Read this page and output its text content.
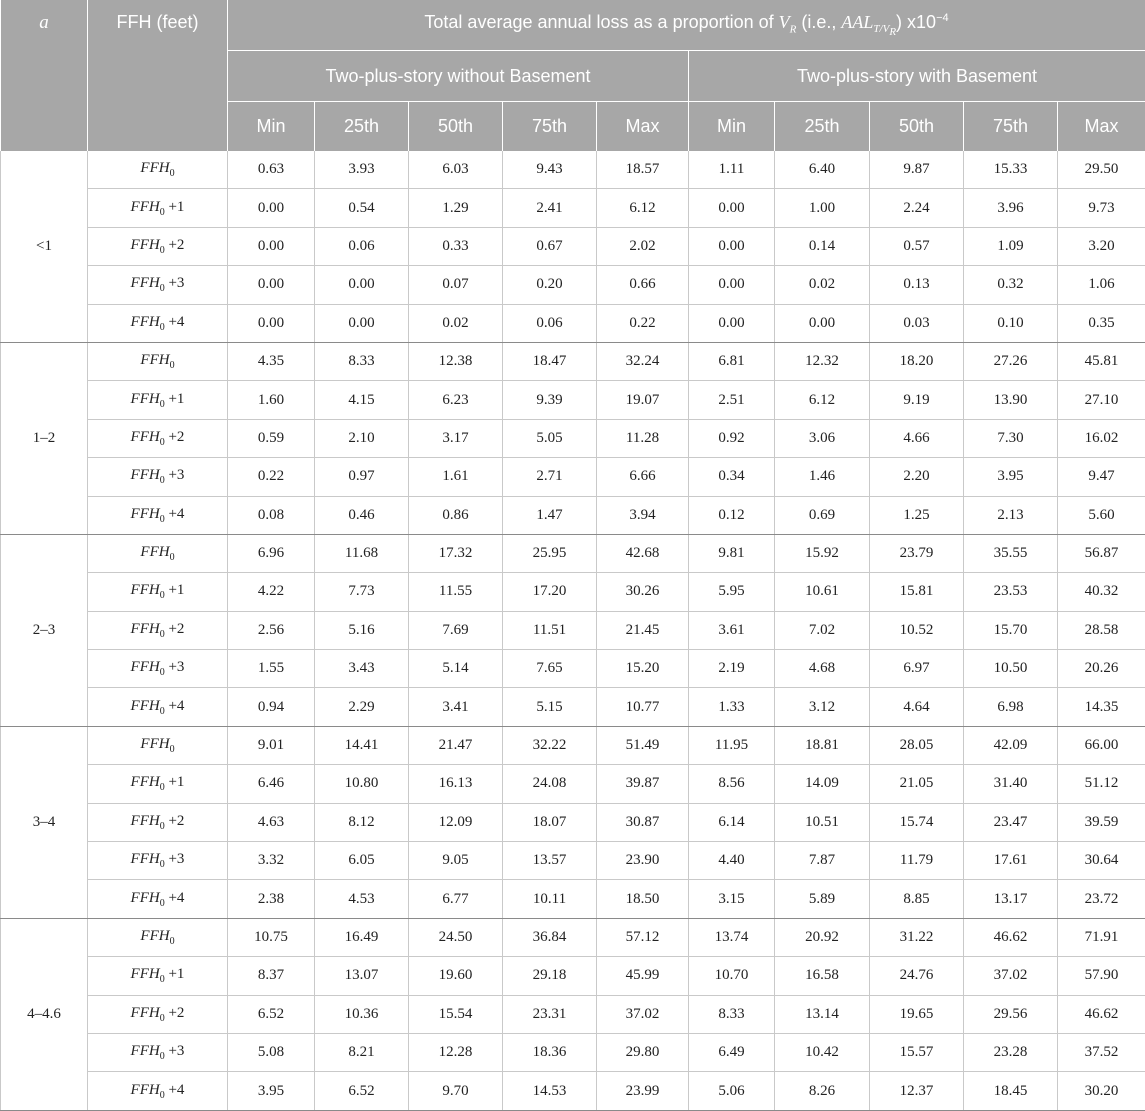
a	FFH (feet)	Total average annual loss as a proportion of $V_R$ (i.e., $AAL_{T/V_R}$) $x10^{-4}$
		Two-plus-story without Basement					Two-plus-story with Basement				
		Min	25th	50th	75th	Max	Min	25th	50th	75th	Max
<1	$FFH_0$	0.63	3.93	6.03	9.43	18.57	1.11	6.40	9.87	15.33	29.50
	$FFH_0 +1$	0.00	0.54	1.29	2.41	6.12	0.00	1.00	2.24	3.96	9.73
	$FFH_0 +2$	0.00	0.06	0.33	0.67	2.02	0.00	0.14	0.57	1.09	3.20
	$FFH_0 +3$	0.00	0.00	0.07	0.20	0.66	0.00	0.02	0.13	0.32	1.06
	$FFH_0 +4$	0.00	0.00	0.02	0.06	0.22	0.00	0.00	0.03	0.10	0.35
1–2	$FFH_0$	4.35	8.33	12.38	18.47	32.24	6.81	12.32	18.20	27.26	45.81
	$FFH_0 +1$	1.60	4.15	6.23	9.39	19.07	2.51	6.12	9.19	13.90	27.10
	$FFH_0 +2$	0.59	2.10	3.17	5.05	11.28	0.92	3.06	4.66	7.30	16.02
	$FFH_0 +3$	0.22	0.97	1.61	2.71	6.66	0.34	1.46	2.20	3.95	9.47
	$FFH_0 +4$	0.08	0.46	0.86	1.47	3.94	0.12	0.69	1.25	2.13	5.60
2–3	$FFH_0$	6.96	11.68	17.32	25.95	42.68	9.81	15.92	23.79	35.55	56.87
	$FFH_0 +1$	4.22	7.73	11.55	17.20	30.26	5.95	10.61	15.81	23.53	40.32
	$FFH_0 +2$	2.56	5.16	7.69	11.51	21.45	3.61	7.02	10.52	15.70	28.58
	$FFH_0 +3$	1.55	3.43	5.14	7.65	15.20	2.19	4.68	6.97	10.50	20.26
	$FFH_0 +4$	0.94	2.29	3.41	5.15	10.77	1.33	3.12	4.64	6.98	14.35
3–4	$FFH_0$	9.01	14.41	21.47	32.22	51.49	11.95	18.81	28.05	42.09	66.00
	$FFH_0 +1$	6.46	10.80	16.13	24.08	39.87	8.56	14.09	21.05	31.40	51.12
	$FFH_0 +2$	4.63	8.12	12.09	18.07	30.87	6.14	10.51	15.74	23.47	39.59
	$FFH_0 +3$	3.32	6.05	9.05	13.57	23.90	4.40	7.87	11.79	17.61	30.64
	$FFH_0 +4$	2.38	4.53	6.77	10.11	18.50	3.15	5.89	8.85	13.17	23.72
4–4.6	$FFH_0$	10.75	16.49	24.50	36.84	57.12	13.74	20.92	31.22	46.62	71.91
	$FFH_0 +1$	8.37	13.07	19.60	29.18	45.99	10.70	16.58	24.76	37.02	57.90
	$FFH_0 +2$	6.52	10.36	15.54	23.31	37.02	8.33	13.14	19.65	29.56	46.62
	$FFH_0 +3$	5.08	8.21	12.28	18.36	29.80	6.49	10.42	15.57	23.28	37.52
	$FFH_0 +4$	3.95	6.52	9.70	14.53	23.99	5.06	8.26	12.37	18.45	30.20
